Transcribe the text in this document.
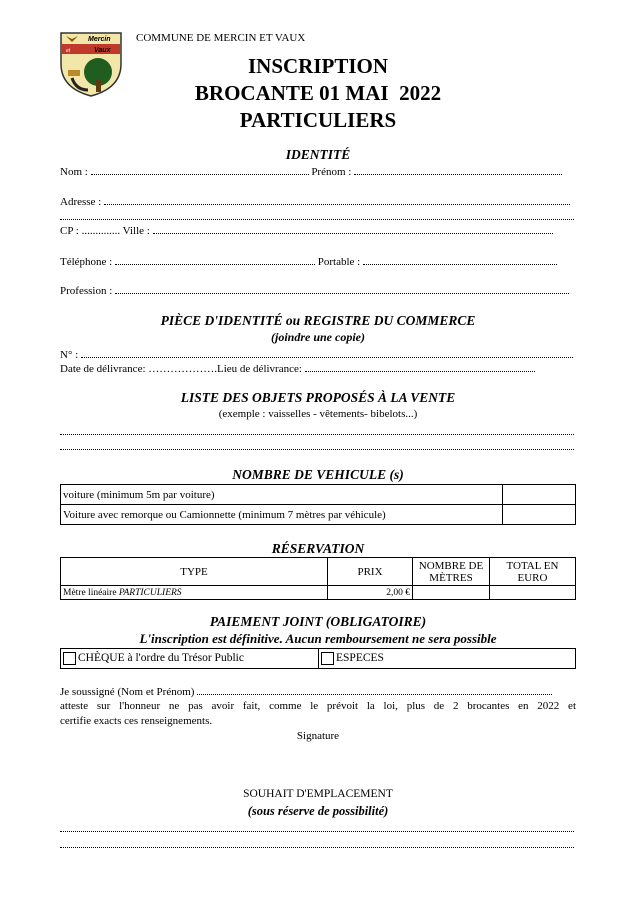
Mercin
et	Vaux
COMMUNE DE MERCIN ET VAUX
INSCRIPTION
BROCANTE 01 MAI  2022
PARTICULIERS
IDENTITÉ
Nom :	Prénom :
Adresse :
CP : .............. Ville :
Téléphone :	Portable :
Profession :
PIÈCE D'IDENTITÉ ou REGISTRE DU COMMERCE
(joindre une copie)
N° :
Date de délivrance: ……………….Lieu de délivrance:
LISTE DES OBJETS PROPOSÉS À LA VENTE
(exemple : vaisselles - vêtements- bibelots...)
NOMBRE DE VEHICULE (s)
voiture (minimum 5m par voiture)	
Voiture avec remorque ou Camionnette (minimum 7 mètres par véhicule)	
RÉSERVATION
TYPE	PRIX	NOMBRE DE MÈTRES	TOTAL EN EURO
Mètre linéaire PARTICULIERS	2,00 €		
PAIEMENT JOINT (OBLIGATOIRE)
L'inscription est définitive. Aucun remboursement ne sera possible
CHÈQUE à l'ordre du Trésor Public	ESPECES
Je soussigné (Nom et Prénom)
atteste sur l'honneur ne pas avoir fait, comme le prévoit la loi, plus de 2 brocantes en 2022 et
certifie exacts ces renseignements.
Signature
SOUHAIT D'EMPLACEMENT
(sous réserve de possibilité)
